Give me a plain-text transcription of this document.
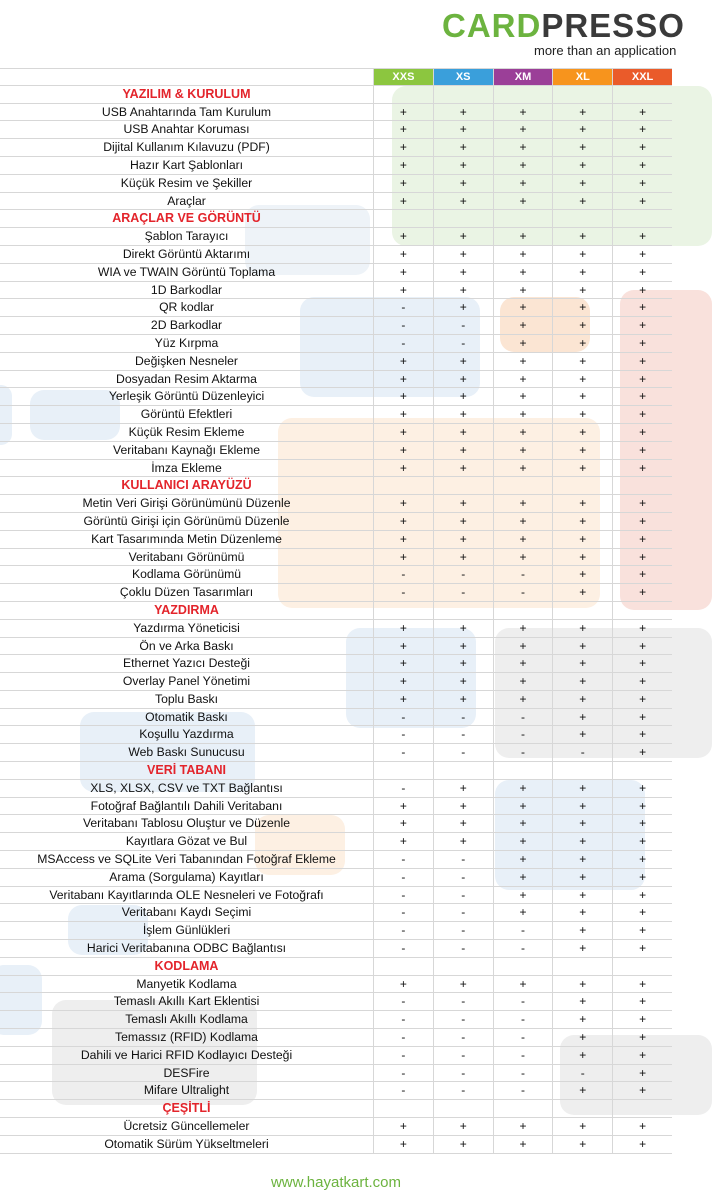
CARDPRESSO
more than an application
XXS	XS	XM	XL	XXL
YAZILIM & KURULUM
USB Anahtarında Tam Kurulum	+	+	+	+	+
USB Anahtar Koruması	+	+	+	+	+
Dijital Kullanım Kılavuzu (PDF)	+	+	+	+	+
Hazır Kart Şablonları	+	+	+	+	+
Küçük Resim ve Şekiller	+	+	+	+	+
Araçlar	+	+	+	+	+
ARAÇLAR VE GÖRÜNTÜ
Şablon Tarayıcı	+	+	+	+	+
Direkt Görüntü Aktarımı	+	+	+	+	+
WIA ve TWAIN Görüntü Toplama	+	+	+	+	+
1D Barkodlar	+	+	+	+	+
QR kodlar	-	+	+	+	+
2D Barkodlar	-	-	+	+	+
Yüz Kırpma	-	-	+	+	+
Değişken Nesneler	+	+	+	+	+
Dosyadan Resim Aktarma	+	+	+	+	+
Yerleşik Görüntü Düzenleyici	+	+	+	+	+
Görüntü Efektleri	+	+	+	+	+
Küçük Resim Ekleme	+	+	+	+	+
Veritabanı Kaynağı Ekleme	+	+	+	+	+
İmza Ekleme	+	+	+	+	+
KULLANICI ARAYÜZÜ
Metin Veri Girişi Görünümünü Düzenle	+	+	+	+	+
Görüntü Girişi için Görünümü Düzenle	+	+	+	+	+
Kart Tasarımında Metin Düzenleme	+	+	+	+	+
Veritabanı Görünümü	+	+	+	+	+
Kodlama Görünümü	-	-	-	+	+
Çoklu Düzen Tasarımları	-	-	-	+	+
YAZDIRMA
Yazdırma Yöneticisi	+	+	+	+	+
Ön ve Arka Baskı	+	+	+	+	+
Ethernet Yazıcı Desteği	+	+	+	+	+
Overlay Panel Yönetimi	+	+	+	+	+
Toplu Baskı	+	+	+	+	+
Otomatik Baskı	-	-	-	+	+
Koşullu Yazdırma	-	-	-	+	+
Web Baskı Sunucusu	-	-	-	-	+
VERİ TABANI
XLS, XLSX, CSV ve TXT Bağlantısı	-	+	+	+	+
Fotoğraf Bağlantılı Dahili Veritabanı	+	+	+	+	+
Veritabanı Tablosu Oluştur ve Düzenle	+	+	+	+	+
Kayıtlara Gözat ve Bul	+	+	+	+	+
MSAccess ve SQLite Veri Tabanından Fotoğraf Ekleme	-	-	+	+	+
Arama (Sorgulama) Kayıtları	-	-	+	+	+
Veritabanı Kayıtlarında OLE Nesneleri ve Fotoğrafı	-	-	+	+	+
Veritabanı Kaydı Seçimi	-	-	+	+	+
İşlem Günlükleri	-	-	-	+	+
Harici Veritabanına ODBC Bağlantısı	-	-	-	+	+
KODLAMA
Manyetik Kodlama	+	+	+	+	+
Temaslı Akıllı Kart Eklentisi	-	-	-	+	+
Temaslı Akıllı Kodlama	-	-	-	+	+
Temassız (RFID) Kodlama	-	-	-	+	+
Dahili ve Harici RFID Kodlayıcı Desteği	-	-	-	+	+
DESFire	-	-	-	-	+
Mifare Ultralight	-	-	-	+	+
ÇEŞİTLİ
Ücretsiz Güncellemeler	+	+	+	+	+
Otomatik Sürüm Yükseltmeleri	+	+	+	+	+
www.hayatkart.com
